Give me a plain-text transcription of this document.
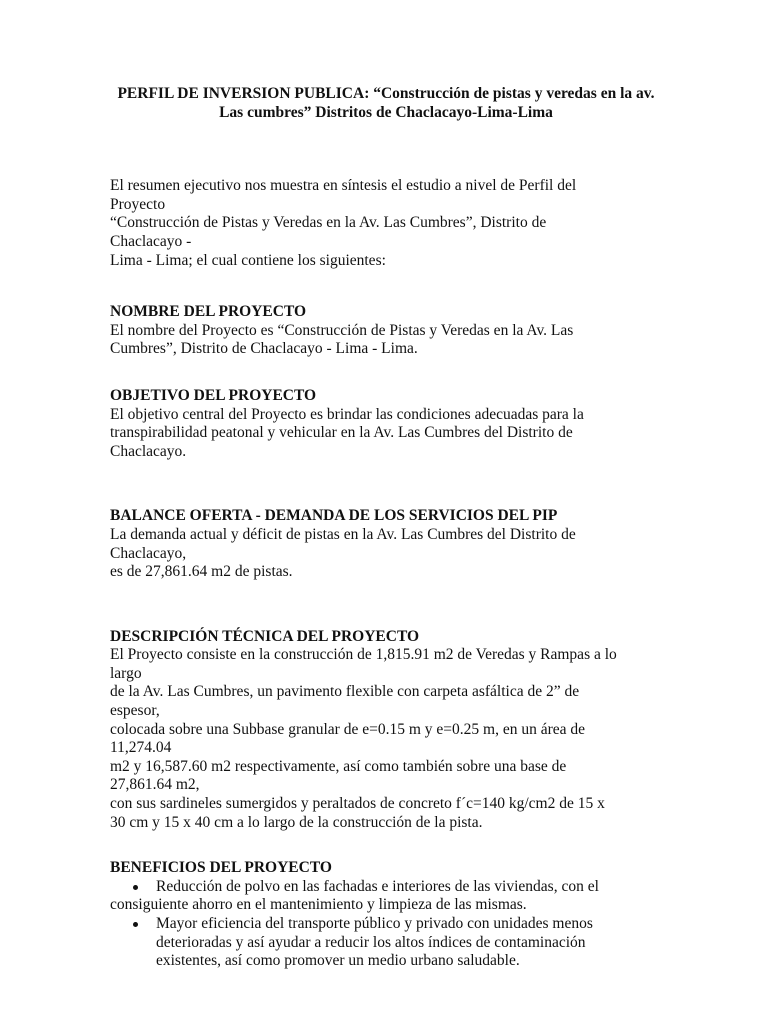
PERFIL DE INVERSION PUBLICA: “Construcción de pistas y veredas en la av.
Las cumbres” Distritos de Chaclacayo-Lima-Lima
El resumen ejecutivo nos muestra en síntesis el estudio a nivel de Perfil del
Proyecto
“Construcción de Pistas y Veredas en la Av. Las Cumbres”, Distrito de
Chaclacayo -
Lima - Lima; el cual contiene los siguientes:
NOMBRE DEL PROYECTO
El nombre del Proyecto es “Construcción de Pistas y Veredas en la Av. Las
Cumbres”, Distrito de Chaclacayo - Lima - Lima.
OBJETIVO DEL PROYECTO
El objetivo central del Proyecto es brindar las condiciones adecuadas para la
transpirabilidad peatonal y vehicular en la Av. Las Cumbres del Distrito de
Chaclacayo.
BALANCE OFERTA - DEMANDA DE LOS SERVICIOS DEL PIP
La demanda actual y déficit de pistas en la Av. Las Cumbres del Distrito de
Chaclacayo,
es de 27,861.64 m2 de pistas.
DESCRIPCIÓN TÉCNICA DEL PROYECTO
El Proyecto consiste en la construcción de 1,815.91 m2 de Veredas y Rampas a lo
largo
de la Av. Las Cumbres, un pavimento flexible con carpeta asfáltica de 2” de
espesor,
colocada sobre una Subbase granular de e=0.15 m y e=0.25 m, en un área de
11,274.04
m2 y 16,587.60 m2 respectivamente, así como también sobre una base de
27,861.64 m2,
con sus sardineles sumergidos y peraltados de concreto f´c=140 kg/cm2 de 15 x
30 cm y 15 x 40 cm a lo largo de la construcción de la pista.
BENEFICIOS DEL PROYECTO
Reducción de polvo en las fachadas e interiores de las viviendas, con el
consiguiente ahorro en el mantenimiento y limpieza de las mismas.
Mayor eficiencia del transporte público y privado con unidades menos
deterioradas y así ayudar a reducir los altos índices de contaminación
existentes, así como promover un medio urbano saludable.
